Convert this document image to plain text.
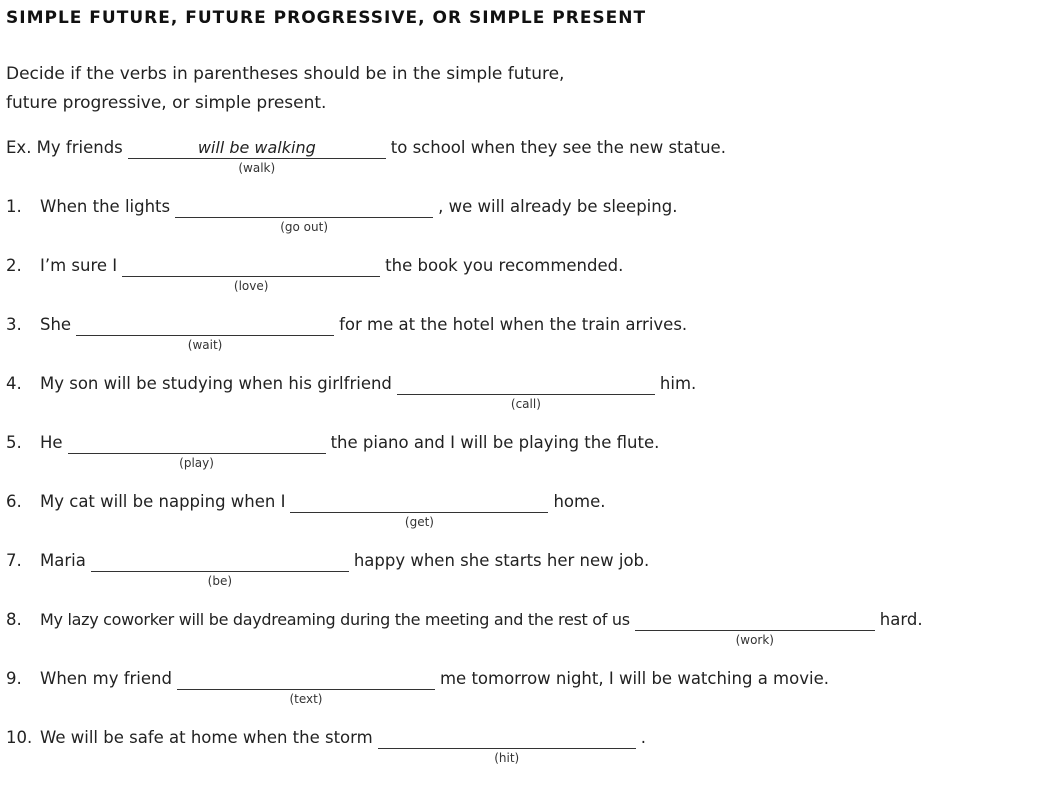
SIMPLE FUTURE, FUTURE PROGRESSIVE, OR SIMPLE PRESENT
Decide if the verbs in parentheses should be in the simple future,
future progressive, or simple present.
Ex. My friends	will be walking
(walk)
to school when they see the new statue.
1. When the lights
(go out)
, we will already be sleeping.
2. I’m sure I
(love)
the book you recommended.
3. She
(wait)
for me at the hotel when the train arrives.
4. My son will be studying when his girlfriend
(call)
him.
5. He
(play)
the piano and I will be playing the flute.
6. My cat will be napping when I
(get)
home.
7. Maria
(be)
happy when she starts her new job.
8. My lazy coworker will be daydreaming during the meeting and the rest of us
(work)
hard.
9. When my friend
(text)
me tomorrow night, I will be watching a movie.
10. We will be safe at home when the storm
(hit)
.
